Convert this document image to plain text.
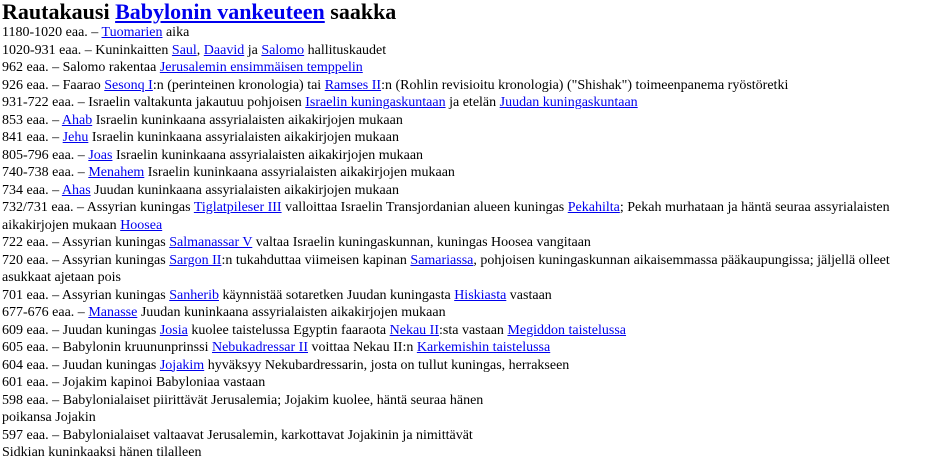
Rautakausi Babylonin vankeuteen saakka
1180-1020 eaa. – Tuomarien aika
1020-931 eaa. – Kuninkaitten Saul, Daavid ja Salomo hallituskaudet
962 eaa. – Salomo rakentaa Jerusalemin ensimmäisen temppelin
926 eaa. – Faarao Sesonq I:n (perinteinen kronologia) tai Ramses II:n (Rohlin revisioitu kronologia) ("Shishak") toimeenpanema ryöstöretki
931-722 eaa. – Israelin valtakunta jakautuu pohjoisen Israelin kuningaskuntaan ja etelän Juudan kuningaskuntaan
853 eaa. – Ahab Israelin kuninkaana assyrialaisten aikakirjojen mukaan
841 eaa. – Jehu Israelin kuninkaana assyrialaisten aikakirjojen mukaan
805-796 eaa. – Joas Israelin kuninkaana assyrialaisten aikakirjojen mukaan
740-738 eaa. – Menahem Israelin kuninkaana assyrialaisten aikakirjojen mukaan
734 eaa. – Ahas Juudan kuninkaana assyrialaisten aikakirjojen mukaan
732/731 eaa. – Assyrian kuningas Tiglatpileser III valloittaa Israelin Transjordanian alueen kuningas Pekahilta; Pekah murhataan ja häntä seuraa assyrialaisten aikakirjojen mukaan Hoosea
722 eaa. – Assyrian kuningas Salmanassar V valtaa Israelin kuningaskunnan, kuningas Hoosea vangitaan
720 eaa. – Assyrian kuningas Sargon II:n tukahduttaa viimeisen kapinan Samariassa, pohjoisen kuningaskunnan aikaisemmassa pääkaupungissa; jäljellä olleet asukkaat ajetaan pois
701 eaa. – Assyrian kuningas Sanherib käynnistää sotaretken Juudan kuningasta Hiskiasta vastaan
677-676 eaa. – Manasse Juudan kuninkaana assyrialaisten aikakirjojen mukaan
609 eaa. – Juudan kuningas Josia kuolee taistelussa Egyptin faaraota Nekau II:sta vastaan Megiddon taistelussa
605 eaa. – Babylonin kruununprinssi Nebukadressar II voittaa Nekau II:n Karkemishin taistelussa
604 eaa. – Juudan kuningas Jojakim hyväksyy Nekubardressarin, josta on tullut kuningas, herrakseen
601 eaa. – Jojakim kapinoi Babyloniaa vastaan
598 eaa. – Babylonialaiset piirittävät Jerusalemia; Jojakim kuolee, häntä seuraa hänen
poikansa Jojakin
597 eaa. – Babylonialaiset valtaavat Jerusalemin, karkottavat Jojakinin ja nimittävät
Sidkian kuninkaaksi hänen tilalleen
